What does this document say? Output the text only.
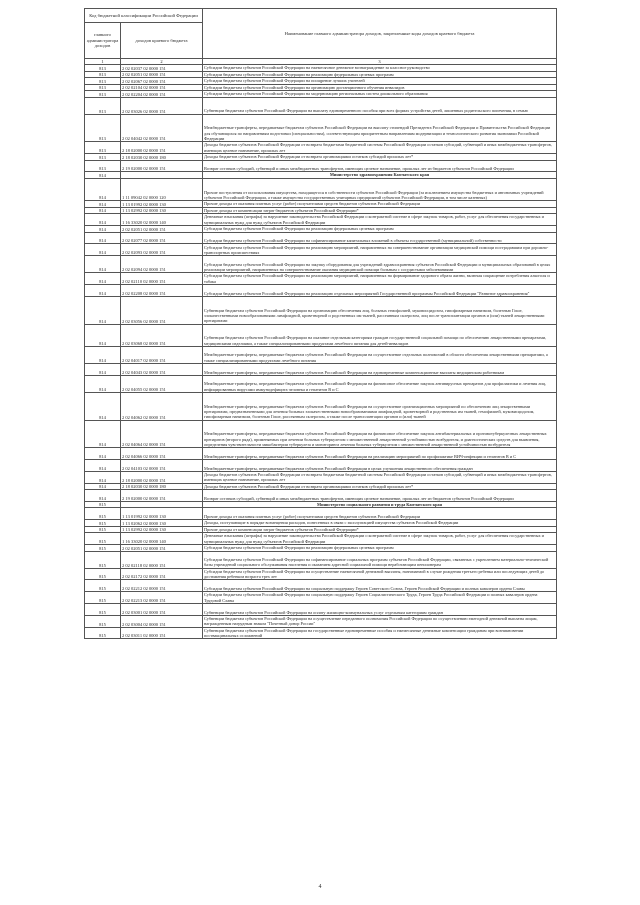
Код бюджетной классификации Российской Федерации		Наименование главного администратора доходов, закрепленные коды доходов краевого бюджета
главного администратора доходов	доходов краевого бюджета	
1	2	3
813	2 02 02037 02 0000 151	Субсидии бюджетам субъектов Российской Федерации на ежемесячное денежное вознаграждение за классное руководство
813	2 02 02051 02 0000 151	Субсидии бюджетам субъектов Российской Федерации на реализацию федеральных целевых программ
813	2 02 02067 02 0000 151	Субсидии бюджетам субъектов Российской Федерации на поощрение лучших учителей
813	2 02 02104 02 0000 151	Субсидии бюджетам субъектов Российской Федерации на организацию дистанционного обучения инвалидов
813	2 02 02204 02 0000 151	Субсидии бюджетам субъектов Российской Федерации на модернизацию региональных систем дошкольного образования
813	2 02 03026 02 0000 151	Субвенции бюджетам субъектов Российской Федерации на выплату единовременного пособия при всех формах устройства детей, лишенных родительского попечения, в семью
813	2 02 04042 02 0000 151	Межбюджетные трансферты, передаваемые бюджетам субъектов Российской Федерации на выплату стипендий Президента Российской Федерации и Правительства Российской Федерации для обучающихся по направлениям подготовки (специальностям), соответствующим приоритетным направлениям модернизации и технологического развития экономики Российской Федерации
813	2 18 02000 02 0000 151	Доходы бюджетов субъектов Российской Федерации от возврата бюджетами бюджетной системы Российской Федерации остатков субсидий, субвенций и иных межбюджетных трансфертов, имеющих целевое назначение, прошлых лет
813	2 18 02030 02 0000 180	Доходы бюджетов субъектов Российской Федерации от возврата организациями остатков субсидий прошлых лет*
813	2 19 02000 02 0000 151	Возврат остатков субсидий, субвенций и иных межбюджетных трансфертов, имеющих целевое назначение, прошлых лет из бюджетов субъектов Российской Федерации
814		Министерство здравоохранения Камчатского края
814	1 11 09042 02 0000 120	Прочие поступления от использования имущества, находящегося в собственности субъектов Российской Федерации (за исключением имущества бюджетных и автономных учреждений субъектов Российской Федерации, а также имущества государственных унитарных предприятий субъектов Российской Федерации, в том числе казенных)
814	1 13 01992 02 0000 130	Прочие доходы от оказания платных услуг (работ) получателями средств бюджетов субъектов Российской Федерации
814	1 13 02992 02 0000 130	Прочие доходы от компенсации затрат бюджетов субъектов Российской Федерации*
814	1 16 33020 02 0000 140	Денежные взыскания (штрафы) за нарушение законодательства Российской Федерации о контрактной системе в сфере закупок товаров, работ, услуг для обеспечения государственных и муниципальных нужд для нужд субъектов Российской Федерации
814	2 02 02051 02 0000 151	Субсидии бюджетам субъектов Российской Федерации на реализацию федеральных целевых программ
814	2 02 02077 02 0000 151	Субсидии бюджетам субъектов Российской Федерации на софинансирование капитальных вложений в объекты государственной (муниципальной) собственности
814	2 02 02093 02 0000 151	Субсидии бюджетам субъектов Российской Федерации на реализацию мероприятий, направленных на совершенствование организации медицинской помощи пострадавшим при дорожно-транспортных происшествиях
814	2 02 02094 02 0000 151	Субсидии бюджетам субъектов Российской Федерации на закупку оборудования для учреждений здравоохранения субъектов Российской Федерации и муниципальных образований в целях реализации мероприятий, направленных на совершенствование оказания медицинской помощи больным с сосудистыми заболеваниями
814	2 02 02110 02 0000 151	Субсидии бюджетам субъектов Российской Федерации на реализацию мероприятий, направленных на формирование здорового образа жизни, включая сокращение потребления алкоголя и табака
814	2 02 02208 02 0000 151	Субсидии бюджетам субъектов Российской Федерации на реализацию отдельных мероприятий Государственной программы Российской Федерации "Развитие здравоохранения"
814	2 02 03056 02 0000 151	Субвенции бюджетам субъектов Российской Федерации на организацию обеспечения лиц, больных гемофилией, муковисцидозом, гипофизарным нанизмом, болезнью Гоше, злокачественными новообразованиями лимфоидной, кроветворной и родственных им тканей, рассеянным склерозом, лиц после трансплантации органов и (или) тканей лекарственными препаратами
814	2 02 03068 02 0000 151	Субвенции бюджетам субъектов Российской Федерации на оказание отдельным категориям граждан государственной социальной помощи по обеспечению лекарственными препаратами, медицинскими изделиями, а также специализированными продуктами лечебного питания для детей-инвалидов
814	2 02 04017 02 0000 151	Межбюджетные трансферты, передаваемые бюджетам субъектов Российской Федерации на осуществление отдельных полномочий в области обеспечения лекарственными препаратами, а также специализированными продуктами лечебного питания
814	2 02 04043 02 0000 151	Межбюджетные трансферты, передаваемые бюджетам субъектов Российской Федерации на единовременные компенсационные выплаты медицинским работникам
814	2 02 04055 02 0000 151	Межбюджетные трансферты, передаваемые бюджетам субъектов Российской Федерации на финансовое обеспечение закупок антивирусных препаратов для профилактики и лечения лиц, инфицированных вирусами иммунодефицита человека и гепатитов В и С
814	2 02 04062 02 0000 151	Межбюджетные трансферты, передаваемые бюджетам субъектов Российской Федерации на осуществление организационных мероприятий по обеспечению лиц лекарственными препаратами, предназначенными для лечения больных злокачественными новообразованиями лимфоидной, кроветворной и родственных им тканей, гемофилией, муковисцидозом, гипофизарным нанизмом, болезнью Гоше, рассеянным склерозом, а также после трансплантации органов и (или) тканей
814	2 02 04064 02 0000 151	Межбюджетные трансферты, передаваемые бюджетам субъектов Российской Федерации на финансовое обеспечение закупок антибактериальных и противотуберкулезных лекарственных препаратов (второго ряда), применяемых при лечении больных туберкулезом с множественной лекарственной устойчивостью возбудителя, и диагностических средств для выявления, определения чувствительности микобактерии туберкулеза и мониторинга лечения больных туберкулезом с множественной лекарственной устойчивостью возбудителя
814	2 02 04066 02 0000 151	Межбюджетные трансферты, передаваемые бюджетам субъектов Российской Федерации на реализацию мероприятий по профилактике ВИЧ-инфекции и гепатитов В и С
814	2 02 04103 02 0000 151	Межбюджетные трансферты, передаваемые бюджетам субъектов Российской Федерации в целях улучшения лекарственного обеспечения граждан
814	2 18 02000 02 0000 151	Доходы бюджетов субъектов Российской Федерации от возврата бюджетами бюджетной системы Российской Федерации остатков субсидий, субвенций и иных межбюджетных трансфертов, имеющих целевое назначение, прошлых лет
814	2 18 02030 02 0000 180	Доходы бюджетов субъектов Российской Федерации от возврата организациями остатков субсидий прошлых лет*
814	2 19 02000 02 0000 151	Возврат остатков субсидий, субвенций и иных межбюджетных трансфертов, имеющих целевое назначение, прошлых лет из бюджетов субъектов Российской Федерации
815		Министерство социального развития и труда Камчатского края
815	1 13 01992 02 0000 130	Прочие доходы от оказания платных услуг (работ) получателями средств бюджетов субъектов Российской Федерации
815	1 13 02062 02 0000 130	Доходы, поступающие в порядке возмещения расходов, понесенных в связи с эксплуатацией имущества субъектов Российской Федерации
815	1 13 02992 02 0000 130	Прочие доходы от компенсации затрат бюджетов субъектов Российской Федерации*
815	1 16 33020 02 0000 140	Денежные взыскания (штрафы) за нарушение законодательства Российской Федерации о контрактной системе в сфере закупок товаров, работ, услуг для обеспечения государственных и муниципальных нужд для нужд субъектов Российской Федерации
815	2 02 02051 02 0000 151	Субсидии бюджетам субъектов Российской Федерации на реализацию федеральных целевых программ
815	2 02 02118 02 0000 151	Субсидии бюджетам субъектов Российской Федерации на софинансирование социальных программ субъектов Российской Федерации, связанных с укреплением материально-технической базы учреждений социального обслуживания населения и оказанием адресной социальной помощи неработающим пенсионерам
815	2 02 02172 02 0000 151	Субсидии бюджетам субъектов Российской Федерации на осуществление ежемесячной денежной выплаты, назначаемой в случае рождения третьего ребенка или последующих детей до достижения ребенком возраста трех лет
815	2 02 02212 02 0000 151	Субсидии бюджетам субъектов Российской Федерации на социальную поддержку Героев Советского Союза, Героев Российской Федерации и полных кавалеров ордена Славы
815	2 02 02213 02 0000 151	Субсидии бюджетам субъектов Российской Федерации на социальную поддержку Героев Социалистического Труда, Героев Труда Российской Федерации и полных кавалеров ордена Трудовой Славы
815	2 02 03001 02 0000 151	Субвенции бюджетам субъектов Российской Федерации на оплату жилищно-коммунальных услуг отдельным категориям граждан
815	2 02 03004 02 0000 151	Субвенции бюджетам субъектов Российской Федерации на осуществление переданного полномочия Российской Федерации по осуществлению ежегодной денежной выплаты лицам, награжденным нагрудным знаком "Почетный донор России"
815	2 02 03011 02 0000 151	Субвенции бюджетам субъектов Российской Федерации на государственные единовременные пособия и ежемесячные денежные компенсации гражданам при возникновении поствакцинальных осложнений
4
